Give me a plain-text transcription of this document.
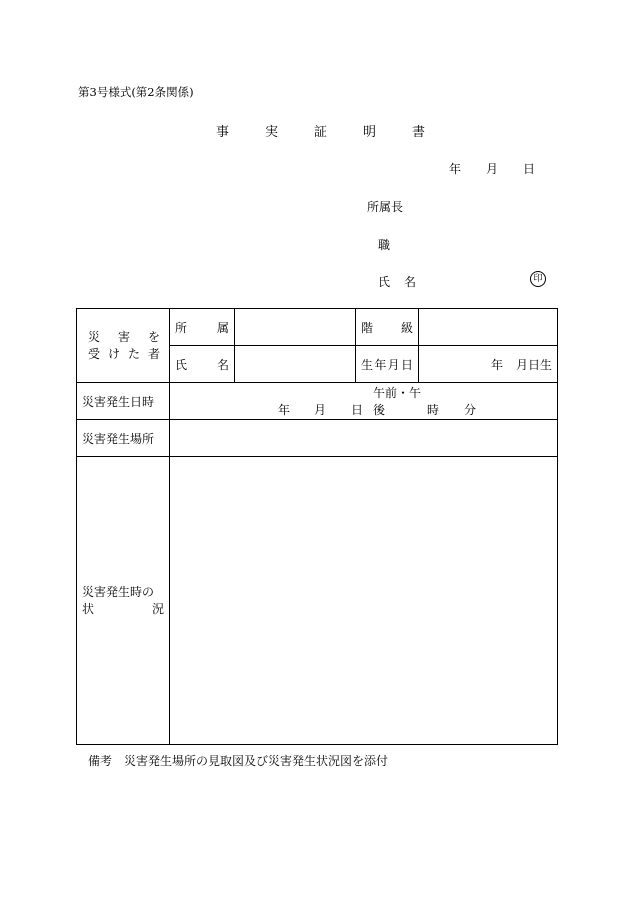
第3号様式(第2条関係)
事実証明書
年 月 日
所属長
職
氏名	印
災害を
受けた者	所属		階級	
	氏名		生年月日	年 月日生
災害発生日時	年 月 日午前・午後 時 分			
災害発生場所				

災害発生時の
状況				

備考　災害発生場所の見取図及び災害発生状況図を添付
